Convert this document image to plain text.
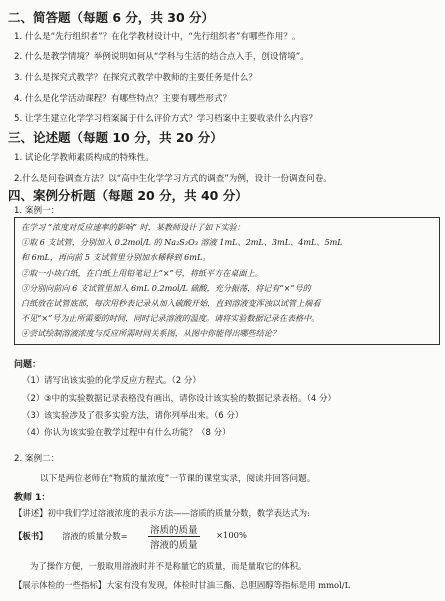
二、简答题（每题 6 分，共 30 分）
1. 什么是“先行组织者”？在化学教材设计中，“先行组织者”有哪些作用？。
2. 什么是教学情境？举例说明如何从“学科与生活的结合点入手，创设情境”。
3. 什么是探究式教学？在探究式教学中教师的主要任务是什么？
4. 什么是化学活动课程？有哪些特点？主要有哪些形式？
5. 让学生建立化学学习档案属于什么评价方式？学习档案中主要收录什么内容？
三、论述题（每题 10 分，共 20 分）
1. 试论化学教师素质构成的特殊性。
2.什么是问卷调查方法？以“高中生化学学习方式的调查”为例，设计一份调查问卷。
四、案例分析题（每题 20 分，共 40 分）
1. 案例一：
在学习 “浓度对反应速率的影响” 时，某教师设计了如下实验：
①取 6 支试管，分别加入 0.2mol/L 的 Na₂S₂O₃ 溶液 1mL、2mL、3mL、4mL、5mL
和 6mL，再向前 5 支试管里分别加水稀释到 6mL。
②取一小块白纸，在白纸上用铅笔记上“×”号，将纸平方在桌面上。
③分别向前向 6 支试管里加入 6mL 0.2mol/L 硫酸，充分振荡，将记有“×”号的
白纸放在试管底部，每次用秒表记录从加入硫酸开始，直到溶液变浑浊以试管上端看
不见“×”号为止所需要的时间，同时记录溶液的温度。请将实验数据记录在表格中。
④尝试绘制溶液浓度与反应所需时间关系图，从图中你能得出哪些结论？
问题：
（1） 请写出该实验的化学反应方程式。（2 分）
（2） ③中的实验数据记录表格没有画出，请你设计该实验的数据记录表格。（4 分）
（3） 该实验涉及了很多实验方法，请你列举出来。（6 分）
（4） 你认为该实验在教学过程中有什么功能？（8 分）
2. 案例二：
以下是两位老师在“物质的量浓度”一节课的课堂实录，阅读并回答问题。
教师 1：
【讲述】初中我们学过溶液浓度的表示方法——溶质的质量分数，数学表达式为:
【板书】 溶液的质量分数= 溶质的质量
溶液的质量
×100%
为了操作方便，一般取用溶液时并不是称量它的质量，而是量取它的体积。
【展示体检的一些指标】大家有没有发现，体检时甘油三酯、总胆固醇等指标是用 mmol/L
